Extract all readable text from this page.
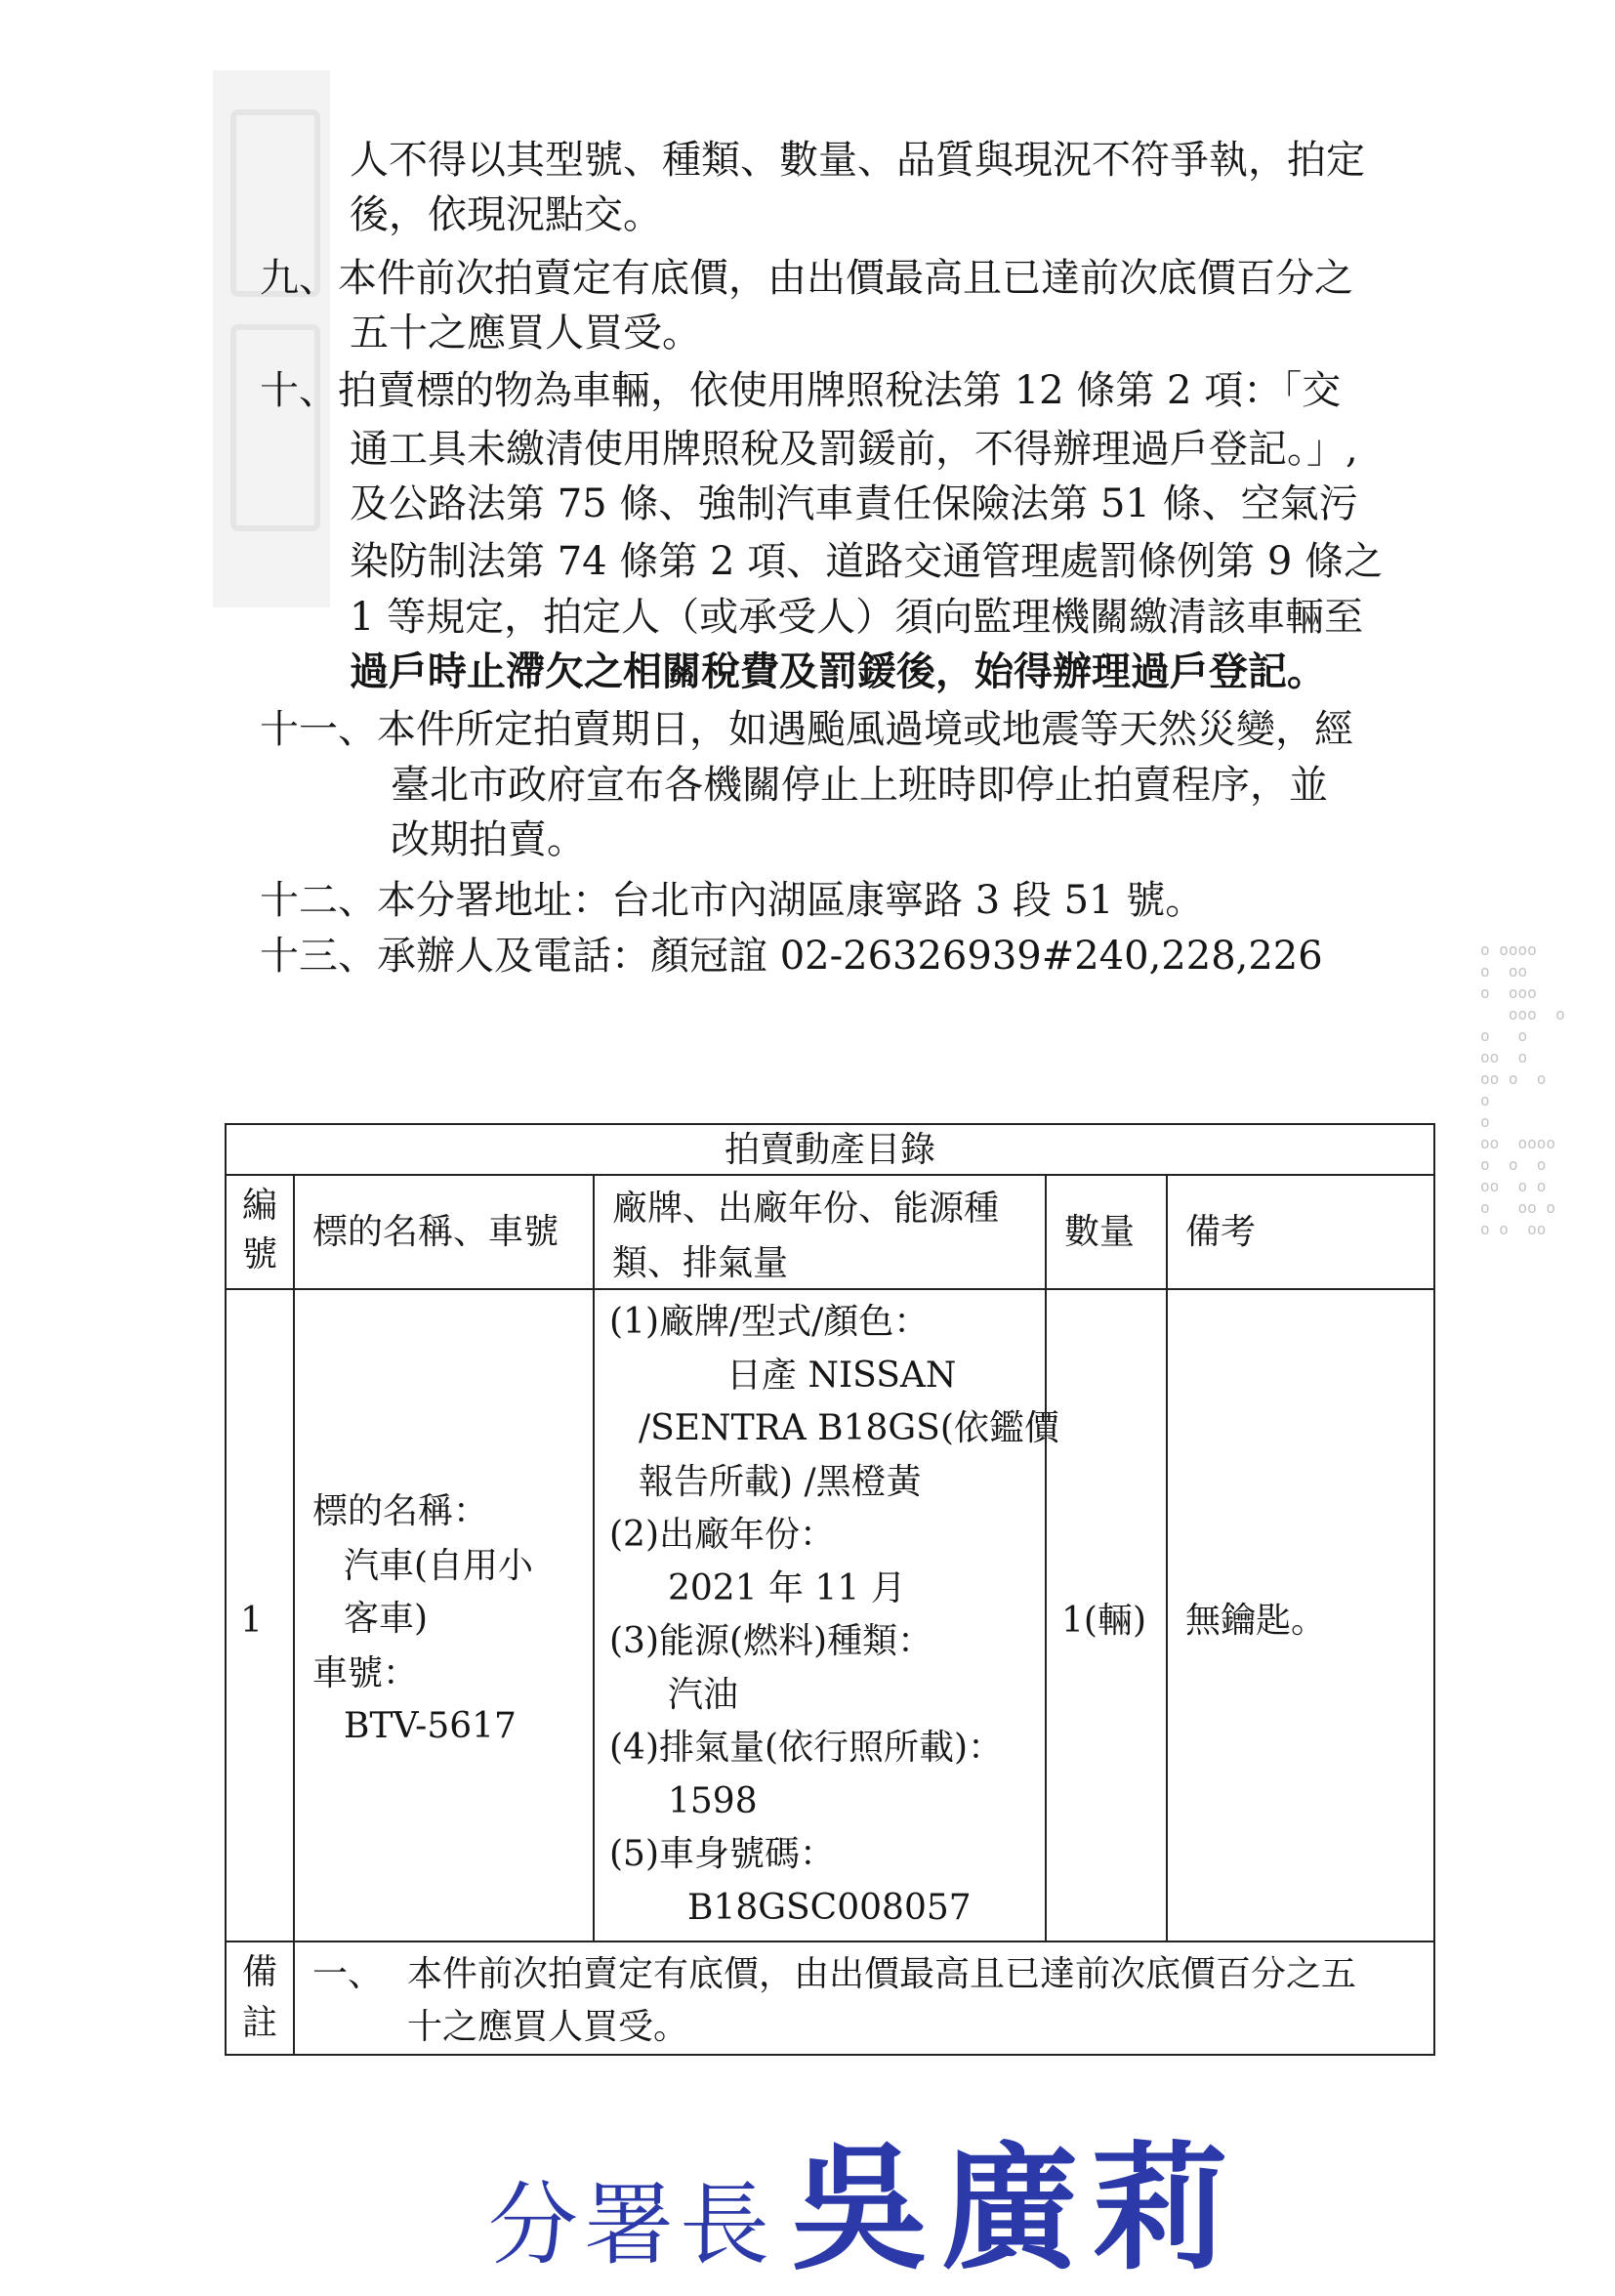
人不得以其型號、種類、數量、品質與現況不符爭執，拍定
後，依現況點交。
九、本件前次拍賣定有底價，由出價最高且已達前次底價百分之
五十之應買人買受。
十、拍賣標的物為車輛，依使用牌照稅法第 12 條第 2 項：「交
通工具未繳清使用牌照稅及罰鍰前，不得辦理過戶登記。」,
及公路法第 75 條、強制汽車責任保險法第 51 條、空氣污
染防制法第 74 條第 2 項、道路交通管理處罰條例第 9 條之
1 等規定，拍定人（或承受人）須向監理機關繳清該車輛至
過戶時止滯欠之相關稅費及罰鍰後，始得辦理過戶登記。
十一、本件所定拍賣期日，如遇颱風過境或地震等天然災變，經
臺北市政府宣布各機關停止上班時即停止拍賣程序，並
改期拍賣。
十二、本分署地址：台北市內湖區康寧路 3 段 51 號。
十三、承辦人及電話：顏冠誼 02-26326939#240,228,226	o oooo
o  oo
o  ooo
ooo  o
o   o
oo  o
oo o  o
o
o
oo  oooo
o  o  o
oo  o o
o   oo o
o o  oo
拍賣動產目錄
編號
標的名稱、車號
廠牌、出廠年份、能源種
類、排氣量
數量 備考
1
標的名稱：
汽車(自用小
客車)
車號：
BTV-5617
(1)廠牌/型式/顏色：
日產 NISSAN
/SENTRA B18GS(依鑑價
報告所載) /黑橙黃
(2)出廠年份：
2021 年 11 月
(3)能源(燃料)種類：
汽油
(4)排氣量(依行照所載)：
1598
(5)車身號碼：
B18GSC008057
1(輛) 無鑰匙。
備註
一、 本件前次拍賣定有底價，由出價最高且已達前次底價百分之五
十之應買人買受。
分署長 吳廣莉
